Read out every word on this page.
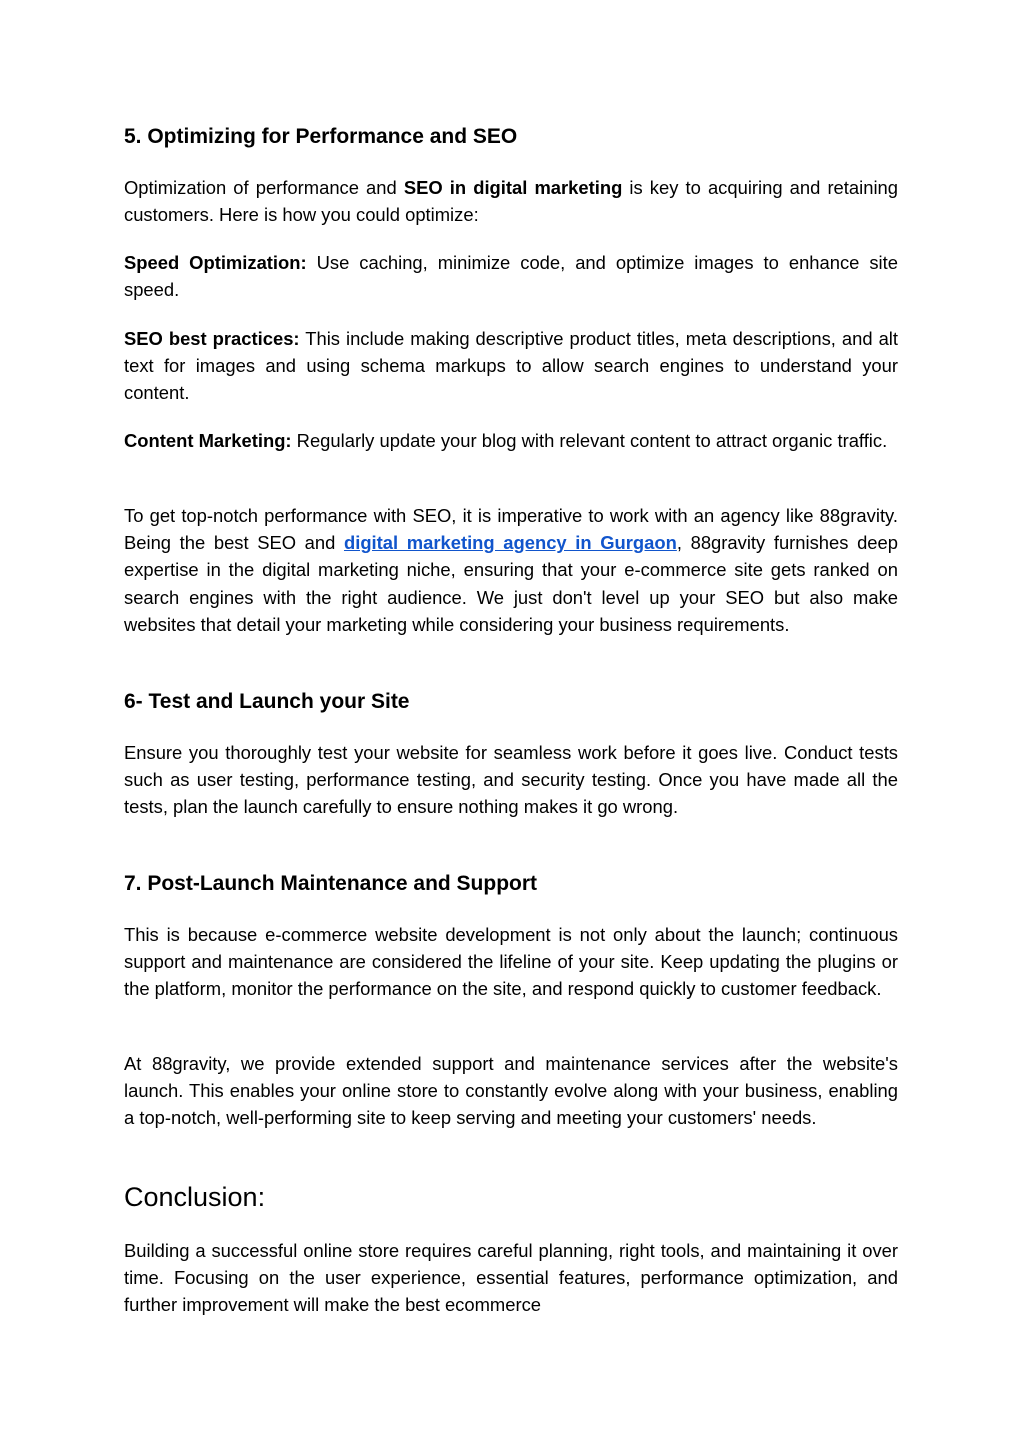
5. Optimizing for Performance and SEO

Optimization of performance and SEO in digital marketing is key to acquiring and retaining customers. Here is how you could optimize:

Speed Optimization: Use caching, minimize code, and optimize images to enhance site speed.

SEO best practices: This include making descriptive product titles, meta descriptions, and alt text for images and using schema markups to allow search engines to understand your content.

Content Marketing: Regularly update your blog with relevant content to attract organic traffic.

To get top-notch performance with SEO, it is imperative to work with an agency like 88gravity. Being the best SEO and digital marketing agency in Gurgaon, 88gravity furnishes deep expertise in the digital marketing niche, ensuring that your e-commerce site gets ranked on search engines with the right audience. We just don't level up your SEO but also make websites that detail your marketing while considering your business requirements.

6- Test and Launch your Site

Ensure you thoroughly test your website for seamless work before it goes live. Conduct tests such as user testing, performance testing, and security testing. Once you have made all the tests, plan the launch carefully to ensure nothing makes it go wrong.

7. Post-Launch Maintenance and Support

This is because e-commerce website development is not only about the launch; continuous support and maintenance are considered the lifeline of your site. Keep updating the plugins or the platform, monitor the performance on the site, and respond quickly to customer feedback.

At 88gravity, we provide extended support and maintenance services after the website's launch. This enables your online store to constantly evolve along with your business, enabling a top-notch, well-performing site to keep serving and meeting your customers' needs.

Conclusion:

Building a successful online store requires careful planning, right tools, and maintaining it over time. Focusing on the user experience, essential features, performance optimization, and further improvement will make the best ecommerce
